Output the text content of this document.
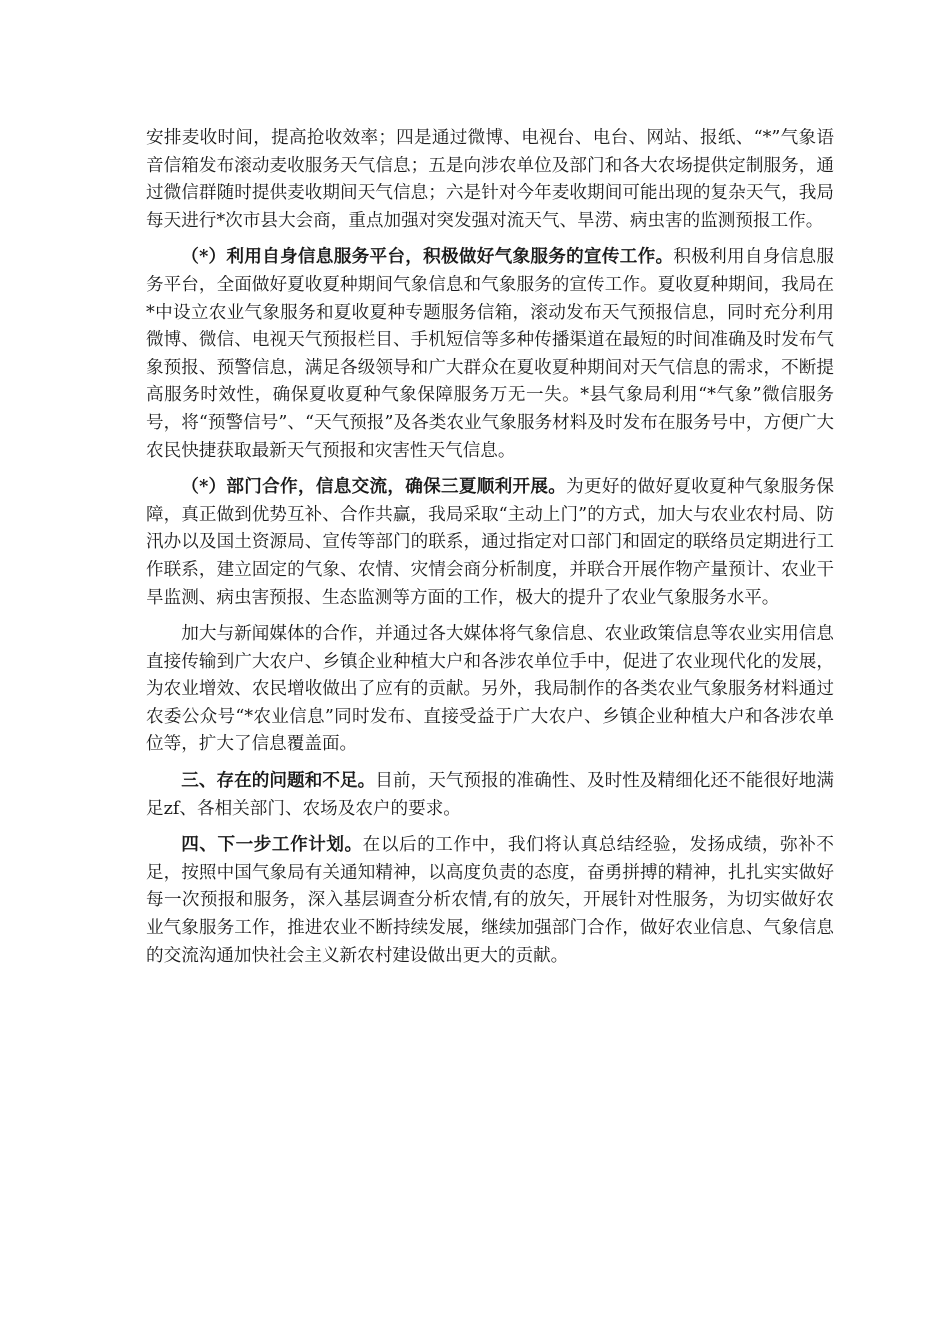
安排麦收时间，提高抢收效率；四是通过微博、电视台、电台、网站、报纸、“*”气象语音信箱发布滚动麦收服务天气信息；五是向涉农单位及部门和各大农场提供定制服务，通过微信群随时提供麦收期间天气信息；六是针对今年麦收期间可能出现的复杂天气，我局每天进行*次市县大会商，重点加强对突发强对流天气、旱涝、病虫害的监测预报工作。

（*）利用自身信息服务平台，积极做好气象服务的宣传工作。积极利用自身信息服务平台，全面做好夏收夏种期间气象信息和气象服务的宣传工作。夏收夏种期间，我局在*中设立农业气象服务和夏收夏种专题服务信箱，滚动发布天气预报信息，同时充分利用微博、微信、电视天气预报栏目、手机短信等多种传播渠道在最短的时间准确及时发布气象预报、预警信息，满足各级领导和广大群众在夏收夏种期间对天气信息的需求，不断提高服务时效性，确保夏收夏种气象保障服务万无一失。*县气象局利用“*气象”微信服务号，将“预警信号”、“天气预报”及各类农业气象服务材料及时发布在服务号中，方便广大农民快捷获取最新天气预报和灾害性天气信息。

（*）部门合作，信息交流，确保三夏顺利开展。为更好的做好夏收夏种气象服务保障，真正做到优势互补、合作共赢，我局采取“主动上门”的方式，加大与农业农村局、防汛办以及国土资源局、宣传等部门的联系，通过指定对口部门和固定的联络员定期进行工作联系，建立固定的气象、农情、灾情会商分析制度，并联合开展作物产量预计、农业干旱监测、病虫害预报、生态监测等方面的工作，极大的提升了农业气象服务水平。

加大与新闻媒体的合作，并通过各大媒体将气象信息、农业政策信息等农业实用信息直接传输到广大农户、乡镇企业种植大户和各涉农单位手中，促进了农业现代化的发展，为农业增效、农民增收做出了应有的贡献。另外，我局制作的各类农业气象服务材料通过农委公众号“*农业信息”同时发布、直接受益于广大农户、乡镇企业种植大户和各涉农单位等，扩大了信息覆盖面。

三、存在的问题和不足。目前，天气预报的准确性、及时性及精细化还不能很好地满足zf、各相关部门、农场及农户的要求。

四、下一步工作计划。在以后的工作中，我们将认真总结经验，发扬成绩，弥补不足，按照中国气象局有关通知精神，以高度负责的态度，奋勇拼搏的精神，扎扎实实做好每一次预报和服务，深入基层调查分析农情,有的放矢，开展针对性服务，为切实做好农业气象服务工作，推进农业不断持续发展，继续加强部门合作，做好农业信息、气象信息的交流沟通加快社会主义新农村建设做出更大的贡献。
